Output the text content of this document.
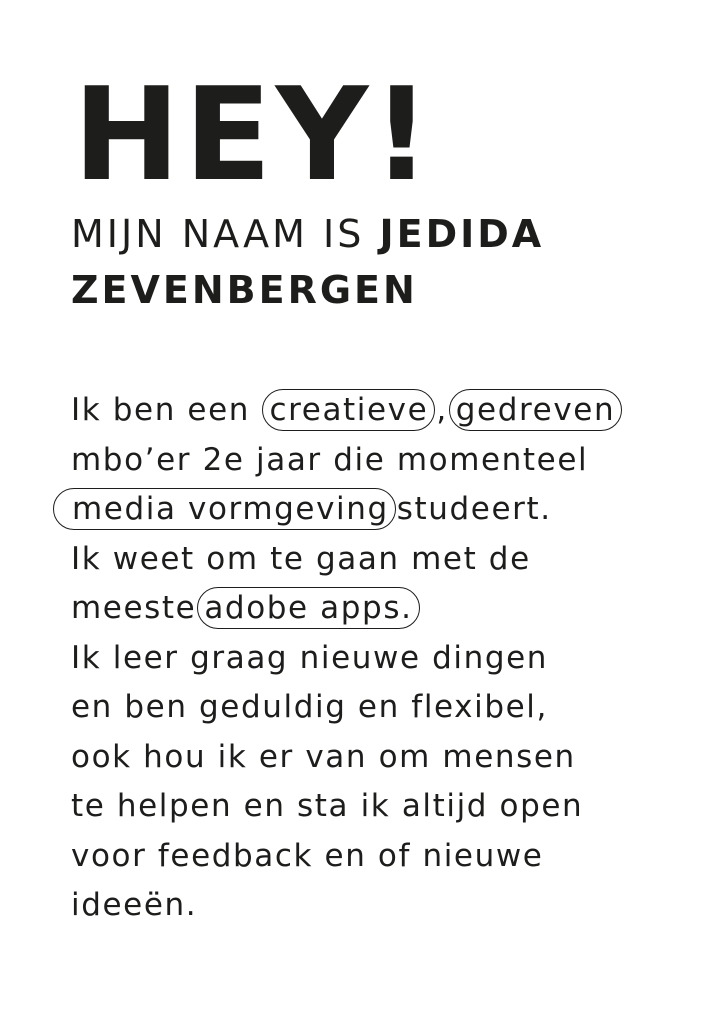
HEY!
MIJN NAAM IS JEDIDA
ZEVENBERGEN
Ik ben een creatieve , gedreven
mbo’er 2e jaar die momenteel
media vormgeving studeert.
Ik weet om te gaan met de
meeste adobe apps.
Ik leer graag nieuwe dingen
en ben geduldig en flexibel,
ook hou ik er van om mensen
te helpen en sta ik altijd open
voor feedback en of nieuwe
ideeën.
